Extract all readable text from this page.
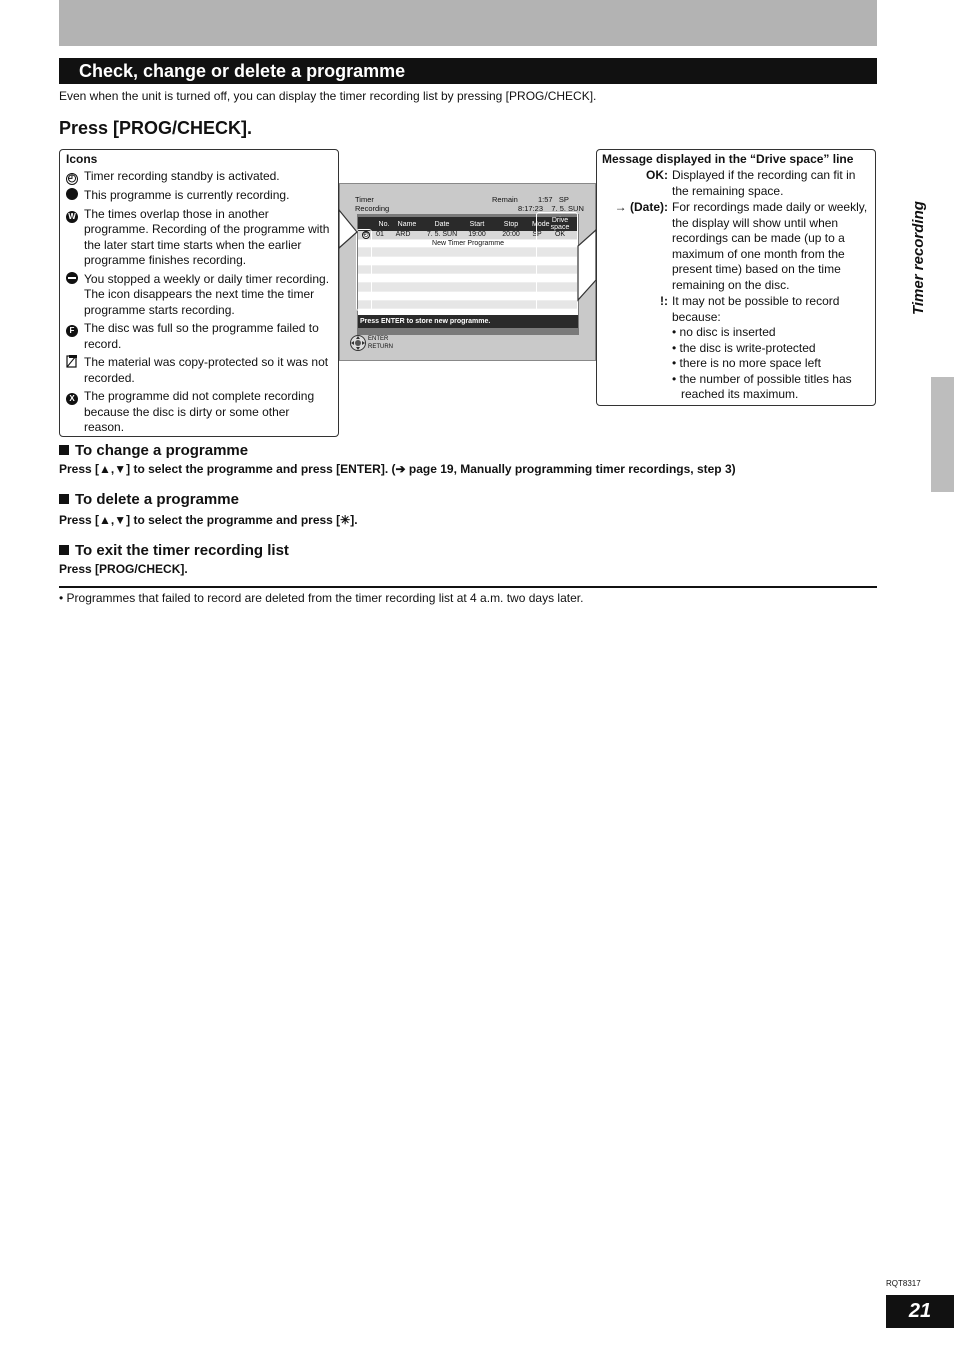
Check, change or delete a programme
Even when the unit is turned off, you can display the timer recording list by pressing [PROG/CHECK].
Press [PROG/CHECK].
Icons
◴ Timer recording standby is activated.
This programme is currently recording.
W The times overlap those in another programme. Recording of the programme with the later start time starts when the earlier programme finishes recording.
You stopped a weekly or daily timer recording. The icon disappears the next time the timer programme starts recording.
F The disc was full so the programme failed to record.
The material was copy-protected so it was not recorded.
X The programme did not complete recording because the disc is dirty or some other reason.
Timer
Recording
Remain	1:57 SP
8:17:23 7. 5. SUN
No.	Name	Date	Start	Stop	Mode Drive space
◴	01	ARD	7. 5. SUN	19:00	20:00	SP	OK
New Timer Programme
Press ENTER to store new programme.
ENTER
RETURN
Message displayed in the “Drive space” line
OK: Displayed if the recording can fit in the remaining space.
→ (Date): For recordings made daily or weekly, the display will show until when recordings can be made (up to a maximum of one month from the present time) based on the time remaining on the disc.
!: It may not be possible to record because:
• no disc is inserted
• the disc is write-protected
• there is no more space left
• the number of possible titles has reached its maximum.
To change a programme
Press [▲,▼] to select the programme and press [ENTER]. (➔ page 19, Manually programming timer recordings, step 3)
To delete a programme
Press [▲,▼] to select the programme and press [✳].
To exit the timer recording list
Press [PROG/CHECK].
• Programmes that failed to record are deleted from the timer recording list at 4 a.m. two days later.
Timer recording
RQT8317
21
